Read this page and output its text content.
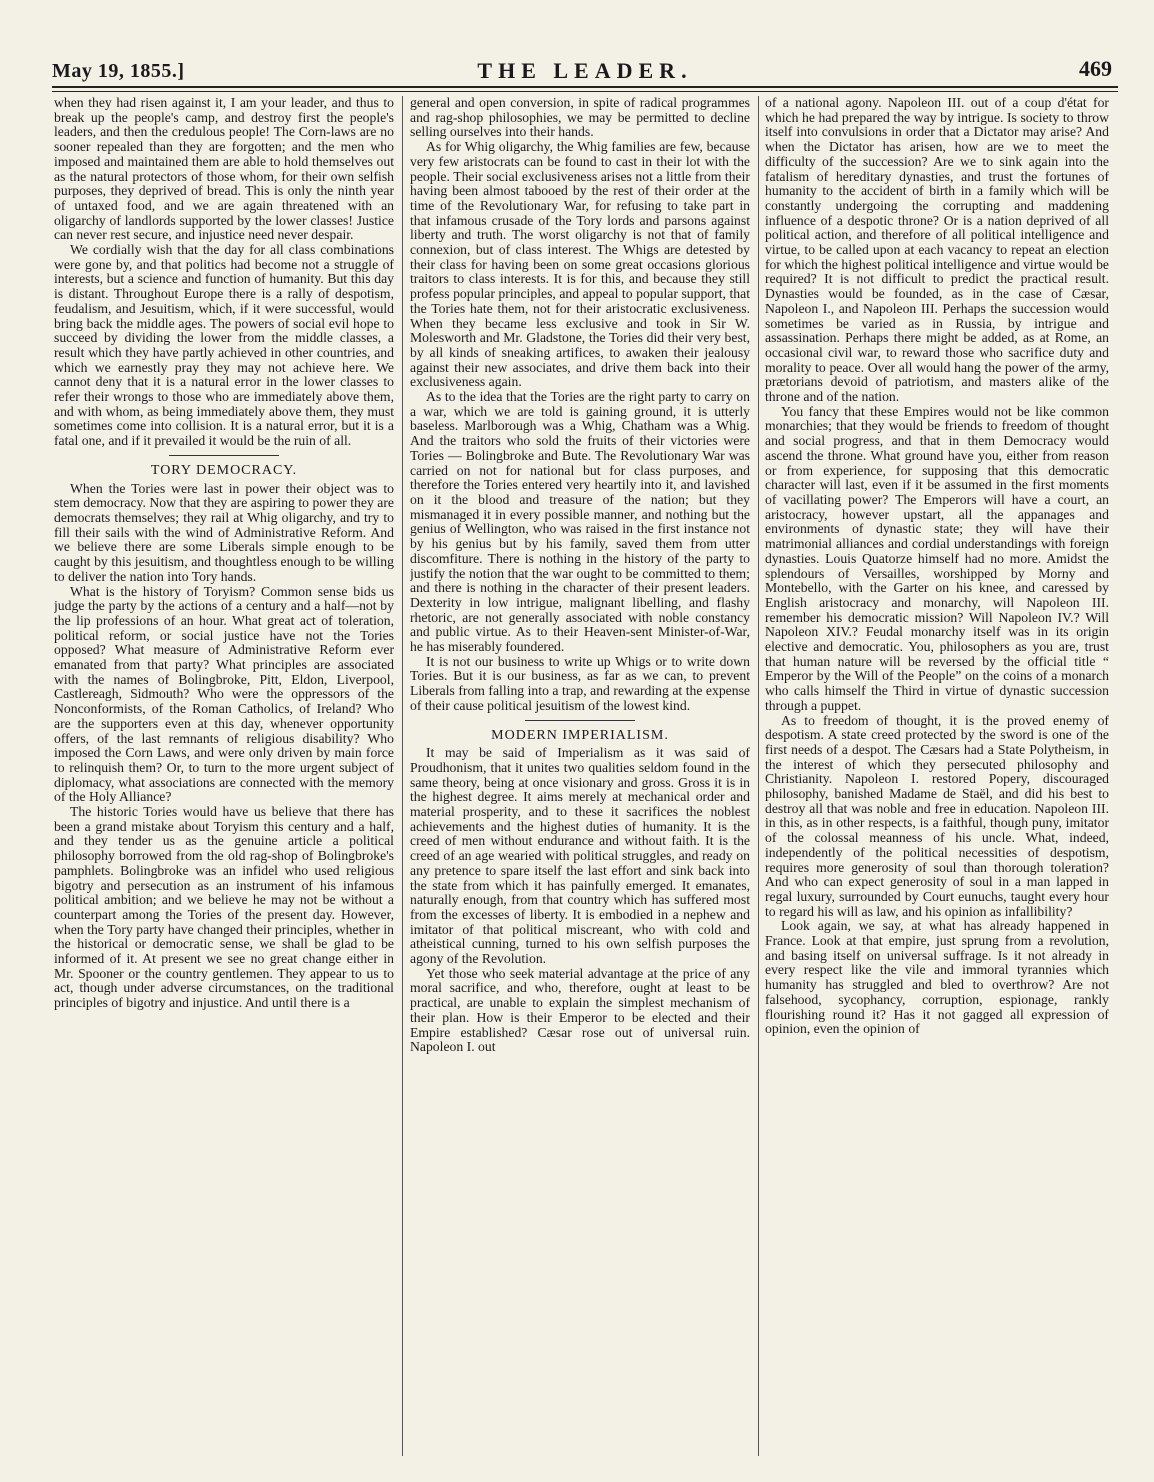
May 19, 1855.]	THE LEADER.	469

when they had risen against it, I am your leader, and thus to break up the people's camp, and destroy first the people's leaders, and then the credulous people! The Corn-laws are no sooner repealed than they are forgotten; and the men who imposed and maintained them are able to hold themselves out as the natural protectors of those whom, for their own selfish purposes, they deprived of bread. This is only the ninth year of untaxed food, and we are again threatened with an oligarchy of landlords supported by the lower classes! Justice can never rest secure, and injustice need never despair.

We cordially wish that the day for all class combinations were gone by, and that politics had become not a struggle of interests, but a science and function of humanity. But this day is distant. Throughout Europe there is a rally of despotism, feudalism, and Jesuitism, which, if it were successful, would bring back the middle ages. The powers of social evil hope to succeed by dividing the lower from the middle classes, a result which they have partly achieved in other countries, and which we earnestly pray they may not achieve here. We cannot deny that it is a natural error in the lower classes to refer their wrongs to those who are immediately above them, and with whom, as being immediately above them, they must sometimes come into collision. It is a natural error, but it is a fatal one, and if it prevailed it would be the ruin of all.

TORY DEMOCRACY.

When the Tories were last in power their object was to stem democracy. Now that they are aspiring to power they are democrats themselves; they rail at Whig oligarchy, and try to fill their sails with the wind of Administrative Reform. And we believe there are some Liberals simple enough to be caught by this jesuitism, and thoughtless enough to be willing to deliver the nation into Tory hands.

What is the history of Toryism? Common sense bids us judge the party by the actions of a century and a half—not by the lip professions of an hour. What great act of toleration, political reform, or social justice have not the Tories opposed? What measure of Administrative Reform ever emanated from that party? What principles are associated with the names of Bolingbroke, Pitt, Eldon, Liverpool, Castlereagh, Sidmouth? Who were the oppressors of the Nonconformists, of the Roman Catholics, of Ireland? Who are the supporters even at this day, whenever opportunity offers, of the last remnants of religious disability? Who imposed the Corn Laws, and were only driven by main force to relinquish them? Or, to turn to the more urgent subject of diplomacy, what associations are connected with the memory of the Holy Alliance?

The historic Tories would have us believe that there has been a grand mistake about Toryism this century and a half, and they tender us as the genuine article a political philosophy borrowed from the old rag-shop of Bolingbroke's pamphlets. Bolingbroke was an infidel who used religious bigotry and persecution as an instrument of his infamous political ambition; and we believe he may not be without a counterpart among the Tories of the present day. However, when the Tory party have changed their principles, whether in the historical or democratic sense, we shall be glad to be informed of it. At present we see no great change either in Mr. Spooner or the country gentlemen. They appear to us to act, though under adverse circumstances, on the traditional principles of bigotry and injustice. And until there is a

general and open conversion, in spite of radical programmes and rag-shop philosophies, we may be permitted to decline selling ourselves into their hands.

As for Whig oligarchy, the Whig families are few, because very few aristocrats can be found to cast in their lot with the people. Their social exclusiveness arises not a little from their having been almost tabooed by the rest of their order at the time of the Revolutionary War, for refusing to take part in that infamous crusade of the Tory lords and parsons against liberty and truth. The worst oligarchy is not that of family connexion, but of class interest. The Whigs are detested by their class for having been on some great occasions glorious traitors to class interests. It is for this, and because they still profess popular principles, and appeal to popular support, that the Tories hate them, not for their aristocratic exclusiveness. When they became less exclusive and took in Sir W. Molesworth and Mr. Gladstone, the Tories did their very best, by all kinds of sneaking artifices, to awaken their jealousy against their new associates, and drive them back into their exclusiveness again.

As to the idea that the Tories are the right party to carry on a war, which we are told is gaining ground, it is utterly baseless. Marlborough was a Whig, Chatham was a Whig. And the traitors who sold the fruits of their victories were Tories — Bolingbroke and Bute. The Revolutionary War was carried on not for national but for class purposes, and therefore the Tories entered very heartily into it, and lavished on it the blood and treasure of the nation; but they mismanaged it in every possible manner, and nothing but the genius of Wellington, who was raised in the first instance not by his genius but by his family, saved them from utter discomfiture. There is nothing in the history of the party to justify the notion that the war ought to be committed to them; and there is nothing in the character of their present leaders. Dexterity in low intrigue, malignant libelling, and flashy rhetoric, are not generally associated with noble constancy and public virtue. As to their Heaven-sent Minister-of-War, he has miserably foundered.

It is not our business to write up Whigs or to write down Tories. But it is our business, as far as we can, to prevent Liberals from falling into a trap, and rewarding at the expense of their cause political jesuitism of the lowest kind.

MODERN IMPERIALISM.

It may be said of Imperialism as it was said of Proudhonism, that it unites two qualities seldom found in the same theory, being at once visionary and gross. Gross it is in the highest degree. It aims merely at mechanical order and material prosperity, and to these it sacrifices the noblest achievements and the highest duties of humanity. It is the creed of men without endurance and without faith. It is the creed of an age wearied with political struggles, and ready on any pretence to spare itself the last effort and sink back into the state from which it has painfully emerged. It emanates, naturally enough, from that country which has suffered most from the excesses of liberty. It is embodied in a nephew and imitator of that political miscreant, who with cold and atheistical cunning, turned to his own selfish purposes the agony of the Revolution.

Yet those who seek material advantage at the price of any moral sacrifice, and who, therefore, ought at least to be practical, are unable to explain the simplest mechanism of their plan. How is their Emperor to be elected and their Empire established? Cæsar rose out of universal ruin. Napoleon I. out

of a national agony. Napoleon III. out of a coup d'état for which he had prepared the way by intrigue. Is society to throw itself into convulsions in order that a Dictator may arise? And when the Dictator has arisen, how are we to meet the difficulty of the succession? Are we to sink again into the fatalism of hereditary dynasties, and trust the fortunes of humanity to the accident of birth in a family which will be constantly undergoing the corrupting and maddening influence of a despotic throne? Or is a nation deprived of all political action, and therefore of all political intelligence and virtue, to be called upon at each vacancy to repeat an election for which the highest political intelligence and virtue would be required? It is not difficult to predict the practical result. Dynasties would be founded, as in the case of Cæsar, Napoleon I., and Napoleon III. Perhaps the succession would sometimes be varied as in Russia, by intrigue and assassination. Perhaps there might be added, as at Rome, an occasional civil war, to reward those who sacrifice duty and morality to peace. Over all would hang the power of the army, prætorians devoid of patriotism, and masters alike of the throne and of the nation.

You fancy that these Empires would not be like common monarchies; that they would be friends to freedom of thought and social progress, and that in them Democracy would ascend the throne. What ground have you, either from reason or from experience, for supposing that this democratic character will last, even if it be assumed in the first moments of vacillating power? The Emperors will have a court, an aristocracy, however upstart, all the appanages and environments of dynastic state; they will have their matrimonial alliances and cordial understandings with foreign dynasties. Louis Quatorze himself had no more. Amidst the splendours of Versailles, worshipped by Morny and Montebello, with the Garter on his knee, and caressed by English aristocracy and monarchy, will Napoleon III. remember his democratic mission? Will Napoleon IV.? Will Napoleon XIV.? Feudal monarchy itself was in its origin elective and democratic. You, philosophers as you are, trust that human nature will be reversed by the official title “ Emperor by the Will of the People” on the coins of a monarch who calls himself the Third in virtue of dynastic succession through a puppet.

As to freedom of thought, it is the proved enemy of despotism. A state creed protected by the sword is one of the first needs of a despot. The Cæsars had a State Polytheism, in the interest of which they persecuted philosophy and Christianity. Napoleon I. restored Popery, discouraged philosophy, banished Madame de Staël, and did his best to destroy all that was noble and free in education. Napoleon III. in this, as in other respects, is a faithful, though puny, imitator of the colossal meanness of his uncle. What, indeed, independently of the political necessities of despotism, requires more generosity of soul than thorough toleration? And who can expect generosity of soul in a man lapped in regal luxury, surrounded by Court eunuchs, taught every hour to regard his will as law, and his opinion as infallibility?

Look again, we say, at what has already happened in France. Look at that empire, just sprung from a revolution, and basing itself on universal suffrage. Is it not already in every respect like the vile and immoral tyrannies which humanity has struggled and bled to overthrow? Are not falsehood, sycophancy, corruption, espionage, rankly flourishing round it? Has it not gagged all expression of opinion, even the opinion of
